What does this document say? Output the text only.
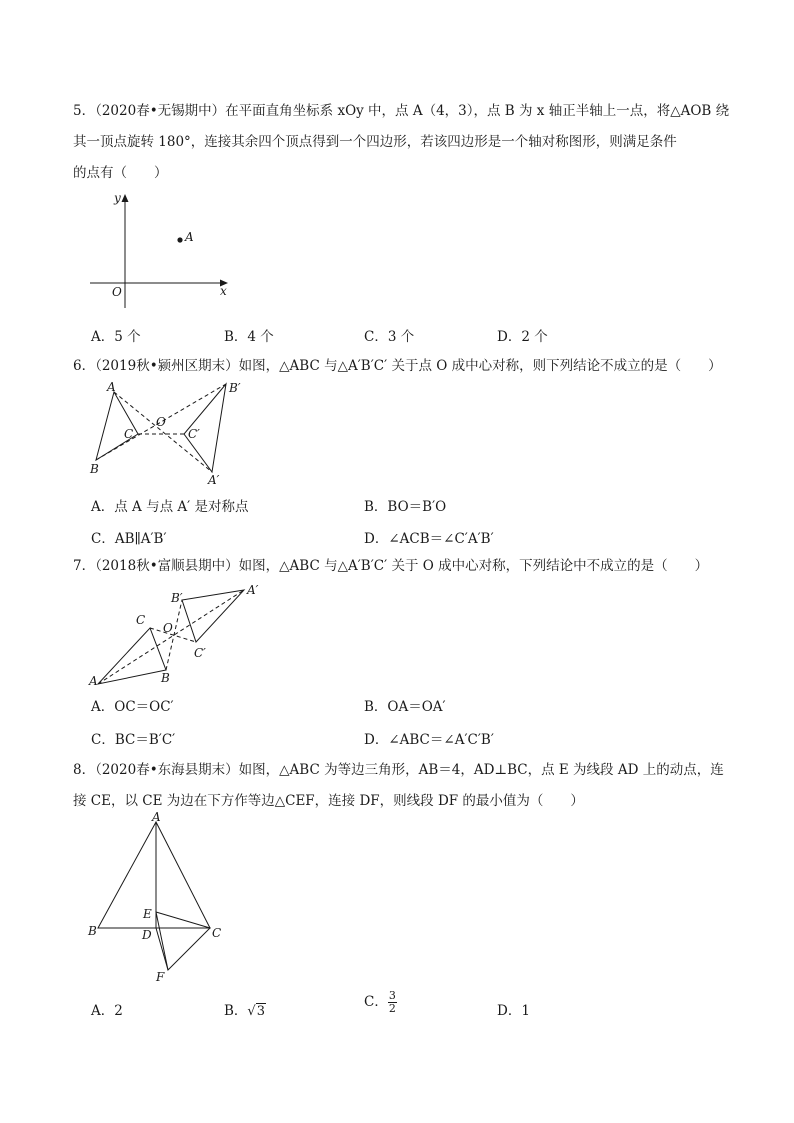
5．（2020春•无锡期中）在平面直角坐标系 xOy 中，点 A（4，3），点 B 为 x 轴正半轴上一点，将△AOB 绕
其一顶点旋转 180°，连接其余四个顶点得到一个四边形，若该四边形是一个轴对称图形，则满足条件
的点有（　　）
y
x
O
A
A．5 个	B．4 个	C．3 个	D．2 个
6．（2019秋•颍州区期末）如图，△ABC 与△A′B′C′ 关于点 O 成中心对称，则下列结论不成立的是（　　）
A
B
C
O
A′
B′
C′
A．点 A 与点 A′ 是对称点	B．BO＝B′O
C．AB∥A′B′	D．∠ACB＝∠C′A′B′
7．（2018秋•富顺县期中）如图，△ABC 与△A′B′C′ 关于 O 成中心对称，下列结论中不成立的是（　　）
A	B
C
O
A′
B′
C′
A．OC＝OC′	B．OA＝OA′
C．BC＝B′C′	D．∠ABC＝∠A′C′B′
8．（2020春•东海县期末）如图，△ABC 为等边三角形，AB＝4，AD⊥BC，点 E 为线段 AD 上的动点，连
接 CE，以 CE 为边在下方作等边△CEF，连接 DF，则线段 DF 的最小值为（　　）
A
B	C
D
E
F
A．2	B．√3
C． $\frac{3}{2}$	D．1
